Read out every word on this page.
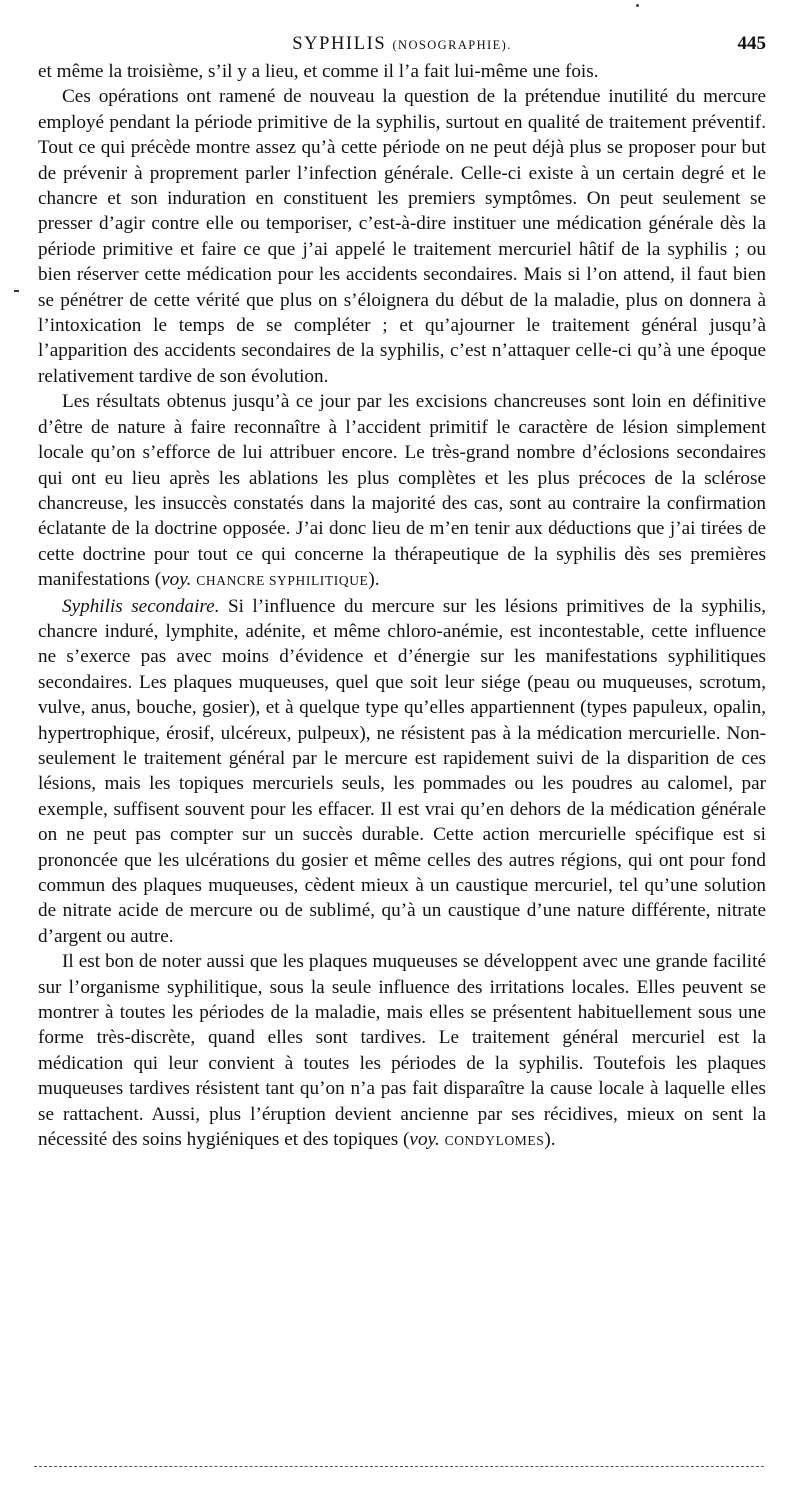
SYPHILIS (NOSOGRAPHIE).	445

et même la troisième, s’il y a lieu, et comme il l’a fait lui-même une fois.

Ces opérations ont ramené de nouveau la question de la prétendue inutilité du mercure employé pendant la période primitive de la syphilis, surtout en qualité de traitement préventif. Tout ce qui précède montre assez qu’à cette période on ne peut déjà plus se proposer pour but de prévenir à proprement parler l’infection générale. Celle-ci existe à un certain degré et le chancre et son induration en constituent les premiers symptômes. On peut seulement se presser d’agir contre elle ou temporiser, c’est-à-dire instituer une médication générale dès la période primitive et faire ce que j’ai appelé le traitement mercuriel hâtif de la syphilis ; ou bien réserver cette médication pour les accidents secondaires. Mais si l’on attend, il faut bien se pénétrer de cette vérité que plus on s’éloignera du début de la maladie, plus on donnera à l’intoxication le temps de se compléter ; et qu’ajourner le traitement général jusqu’à l’apparition des accidents secondaires de la syphilis, c’est n’attaquer celle-ci qu’à une époque relativement tardive de son évolution.

Les résultats obtenus jusqu’à ce jour par les excisions chancreuses sont loin en définitive d’être de nature à faire reconnaître à l’accident primitif le caractère de lésion simplement locale qu’on s’efforce de lui attribuer encore. Le très-grand nombre d’éclosions secondaires qui ont eu lieu après les ablations les plus complètes et les plus précoces de la sclérose chancreuse, les insuccès constatés dans la majorité des cas, sont au contraire la confirmation éclatante de la doctrine opposée. J’ai donc lieu de m’en tenir aux déductions que j’ai tirées de cette doctrine pour tout ce qui concerne la thérapeutique de la syphilis dès ses premières manifestations (voy. CHANCRE SYPHILITIQUE).

Syphilis secondaire. Si l’influence du mercure sur les lésions primitives de la syphilis, chancre induré, lymphite, adénite, et même chloro-anémie, est incontestable, cette influence ne s’exerce pas avec moins d’évidence et d’énergie sur les manifestations syphilitiques secondaires. Les plaques muqueuses, quel que soit leur siége (peau ou muqueuses, scrotum, vulve, anus, bouche, gosier), et à quelque type qu’elles appartiennent (types papuleux, opalin, hypertrophique, érosif, ulcéreux, pulpeux), ne résistent pas à la médication mercurielle. Non-seulement le traitement général par le mercure est rapidement suivi de la disparition de ces lésions, mais les topiques mercuriels seuls, les pommades ou les poudres au calomel, par exemple, suffisent souvent pour les effacer. Il est vrai qu’en dehors de la médication générale on ne peut pas compter sur un succès durable. Cette action mercurielle spécifique est si prononcée que les ulcérations du gosier et même celles des autres régions, qui ont pour fond commun des plaques muqueuses, cèdent mieux à un caustique mercuriel, tel qu’une solution de nitrate acide de mercure ou de sublimé, qu’à un caustique d’une nature différente, nitrate d’argent ou autre.

Il est bon de noter aussi que les plaques muqueuses se développent avec une grande facilité sur l’organisme syphilitique, sous la seule influence des irritations locales. Elles peuvent se montrer à toutes les périodes de la maladie, mais elles se présentent habituellement sous une forme très-discrète, quand elles sont tardives. Le traitement général mercuriel est la médication qui leur convient à toutes les périodes de la syphilis. Toutefois les plaques muqueuses tardives résistent tant qu’on n’a pas fait disparaître la cause locale à laquelle elles se rattachent. Aussi, plus l’éruption devient ancienne par ses récidives, mieux on sent la nécessité des soins hygiéniques et des topiques (voy. CONDYLOMES).
